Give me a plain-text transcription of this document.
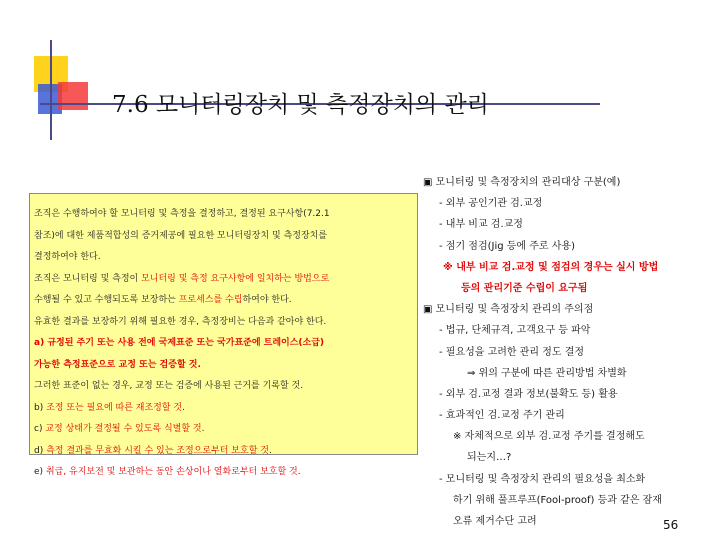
7.6 모니터링장치 및 측정장치의 관리
조직은 수행하여야 할 모니터링 및 측정을 결정하고, 결정된 요구사항(7.2.1
참조)에 대한 제품적합성의 증거제공에 필요한 모니터링장치 및 측정장치를
결정하여야 한다.
조직은 모니터링 및 측정이 모니터링 및 측정 요구사항에 일치하는 방법으로
수행될 수 있고 수행되도록 보장하는 프로세스를 수립하여야 한다.
유효한 결과를 보장하기 위해 필요한 경우, 측정장비는 다음과 같아야 한다.
a) 규정된 주기 또는 사용 전에 국제표준 또는 국가표준에 트레이스(소급)
가능한 측정표준으로 교정 또는 검증할 것.
그러한 표준이 없는 경우, 교정 또는 검증에 사용된 근거를 기록할 것.
b) 조정 또는 필요에 따른 재조정할 것.
c) 교정 상태가 결정될 수 있도록 식별할 것.
d) 측정 결과를 무효화 시킬 수 있는 조정으로부터 보호할 것.
e) 취급, 유지보전 및 보관하는 동안 손상이나 열화로부터 보호할 것.
▣ 모니터링 및 측정장치의 관리대상 구분(예)
- 외부 공인기관 검.교정
- 내부 비교 검.교정
- 점기 점검(Jig 등에 주로 사용)
※ 내부 비교 검.교정 및 점검의 경우는 실시 방법
등의 관리기준 수립이 요구됨
▣ 모니터링 및 측정장치 관리의 주의점
- 법규, 단체규격, 고객요구 등 파악
- 필요성을 고려한 관리 정도 결정
⇒ 위의 구분에 따른 관리방법 차별화
- 외부 검.교정 결과 정보(불확도 등) 활용
- 효과적인 검.교정 주기 관리
※ 자체적으로 외부 검.교정 주기를 결정해도
되는지…?
- 모니터링 및 측정장치 관리의 필요성을 최소화
하기 위해 풀프루프(Fool-proof) 등과 같은 잠재
오류 제거수단 고려	56
